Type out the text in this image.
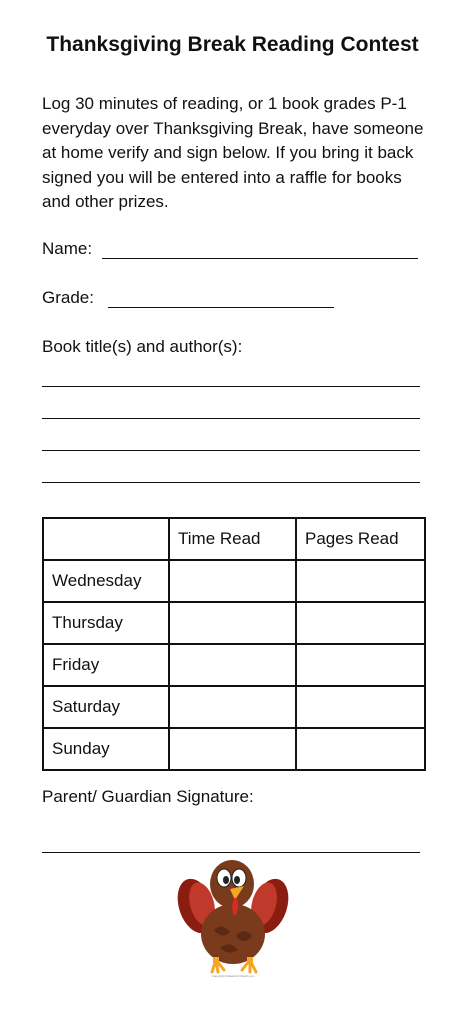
Thanksgiving Break Reading Contest
Log 30 minutes of reading, or 1 book grades P-1 everyday over Thanksgiving Break, have someone at home verify and sign below. If you bring it back signed you will be entered into a raffle for books and other prizes.
Name:
Grade:
Book title(s) and author(s):
	Time Read	Pages Read
Wednesday		
Thursday		
Friday		
Saturday		
Sunday		
Parent/ Guardian Signature:
Copyright Kidsworld Clipart.com
